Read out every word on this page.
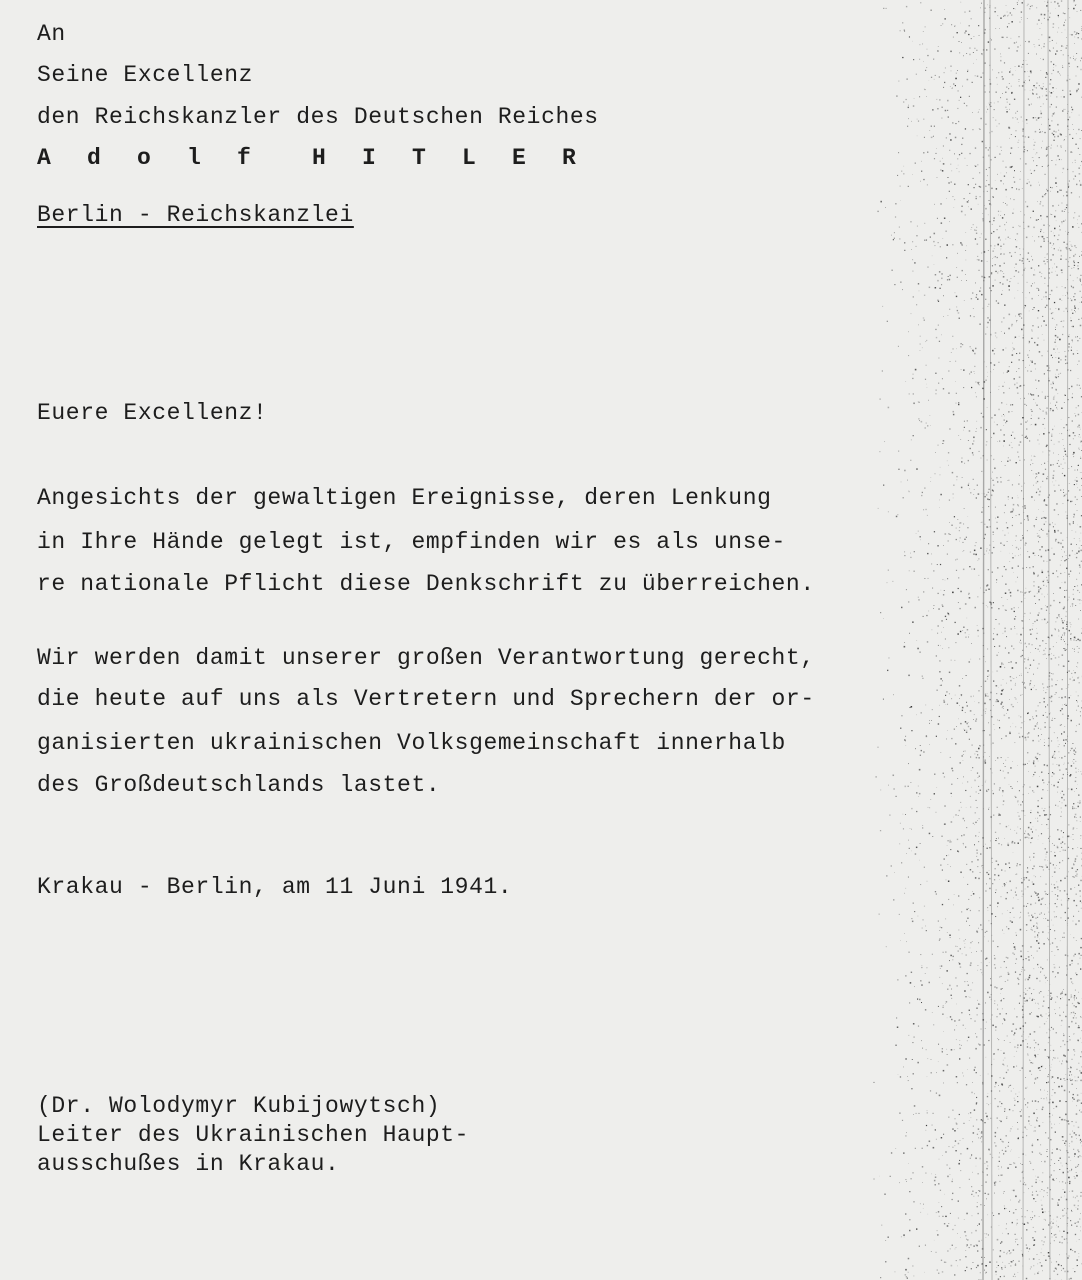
An
Seine Excellenz
den Reichskanzler des Deutschen Reiches
A d o l f  H I T L E R
Berlin - Reichskanzlei
Euere Excellenz!
Angesichts der gewaltigen Ereignisse, deren Lenkung
in Ihre Hände gelegt ist, empfinden wir es als unse-
re nationale Pflicht diese Denkschrift zu überreichen.
Wir werden damit unserer großen Verantwortung gerecht,
die heute auf uns als Vertretern und Sprechern der or-
ganisierten ukrainischen Volksgemeinschaft innerhalb
des Großdeutschlands lastet.
Krakau - Berlin, am 11 Juni 1941.
(Dr. Wolodymyr Kubijowytsch)
Leiter des Ukrainischen Haupt-
ausschußes in Krakau.
